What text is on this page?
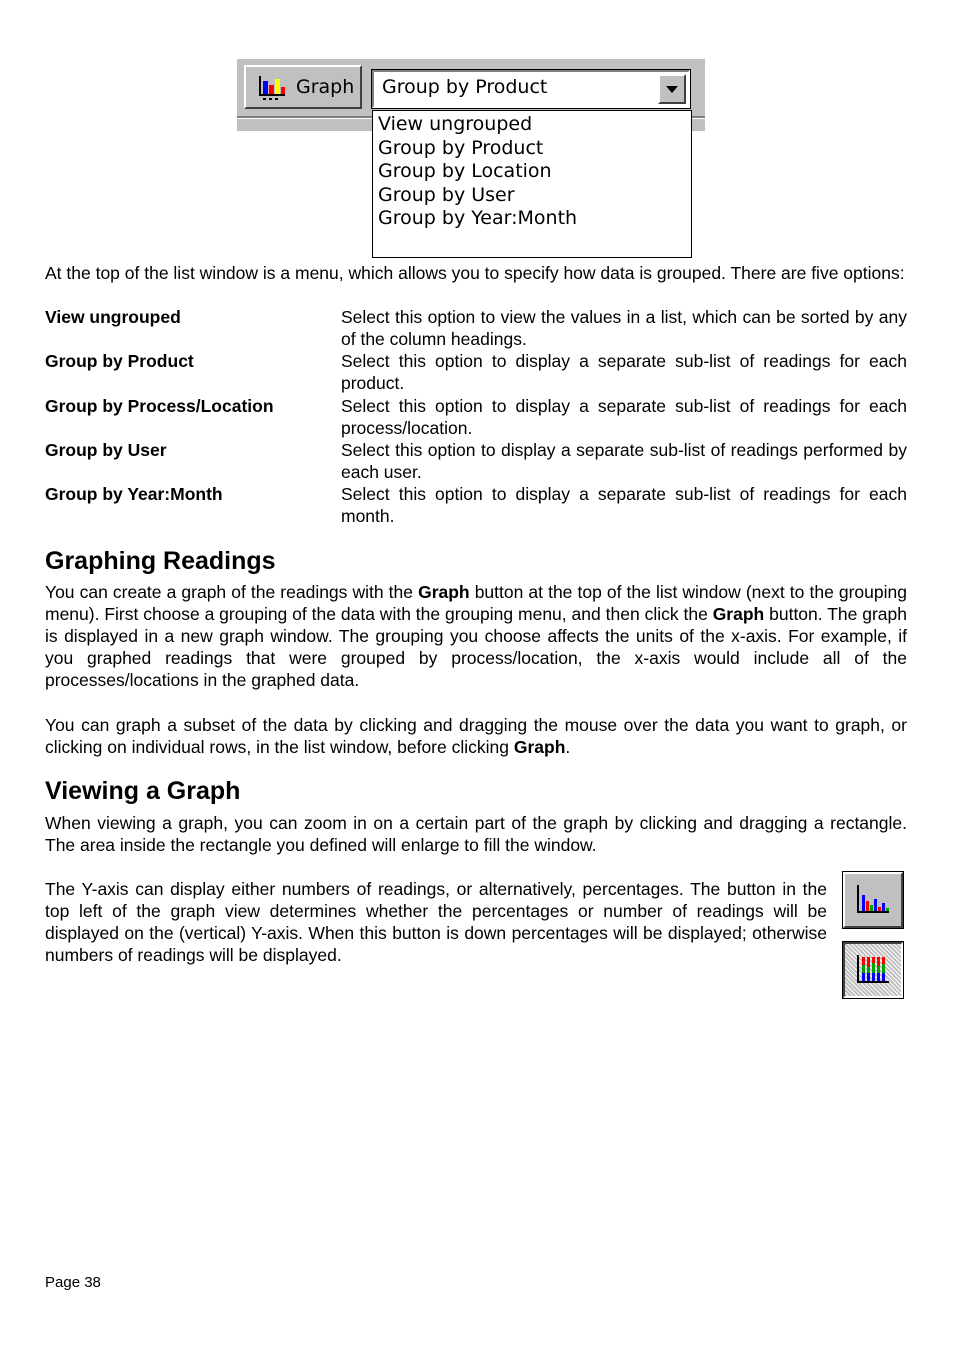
Graph Group by Product
View ungrouped
Group by Product
Group by Location
Group by User
Group by Year:Month
At the top of the list window is a menu, which allows you to specify how data is grouped. There are five options:
View ungrouped	Select this option to view the values in a list, which can be sorted by any of the column headings.
Group by Product	Select this option to display a separate sub-list of readings for each product.
Group by Process/Location	Select this option to display a separate sub-list of readings for each process/location.
Group by User	Select this option to display a separate sub-list of readings performed by each user.
Group by Year:Month	Select this option to display a separate sub-list of readings for each month.
Graphing Readings
You can create a graph of the readings with the Graph button at the top of the list window (next to the grouping menu). First choose a grouping of the data with the grouping menu, and then click the Graph button. The graph is displayed in a new graph window. The grouping you choose affects the units of the x-axis. For example, if you graphed readings that were grouped by process/location, the x-axis would include all of the processes/locations in the graphed data.
You can graph a subset of the data by clicking and dragging the mouse over the data you want to graph, or clicking on individual rows, in the list window, before clicking Graph.
Viewing a Graph
When viewing a graph, you can zoom in on a certain part of the graph by clicking and dragging a rectangle. The area inside the rectangle you defined will enlarge to fill the window.
The Y-axis can display either numbers of readings, or alternatively, percentages. The button in the top left of the graph view determines whether the percentages or number of readings will be displayed on the (vertical) Y-axis. When this button is down percentages will be displayed; otherwise numbers of readings will be displayed.
Page 38
